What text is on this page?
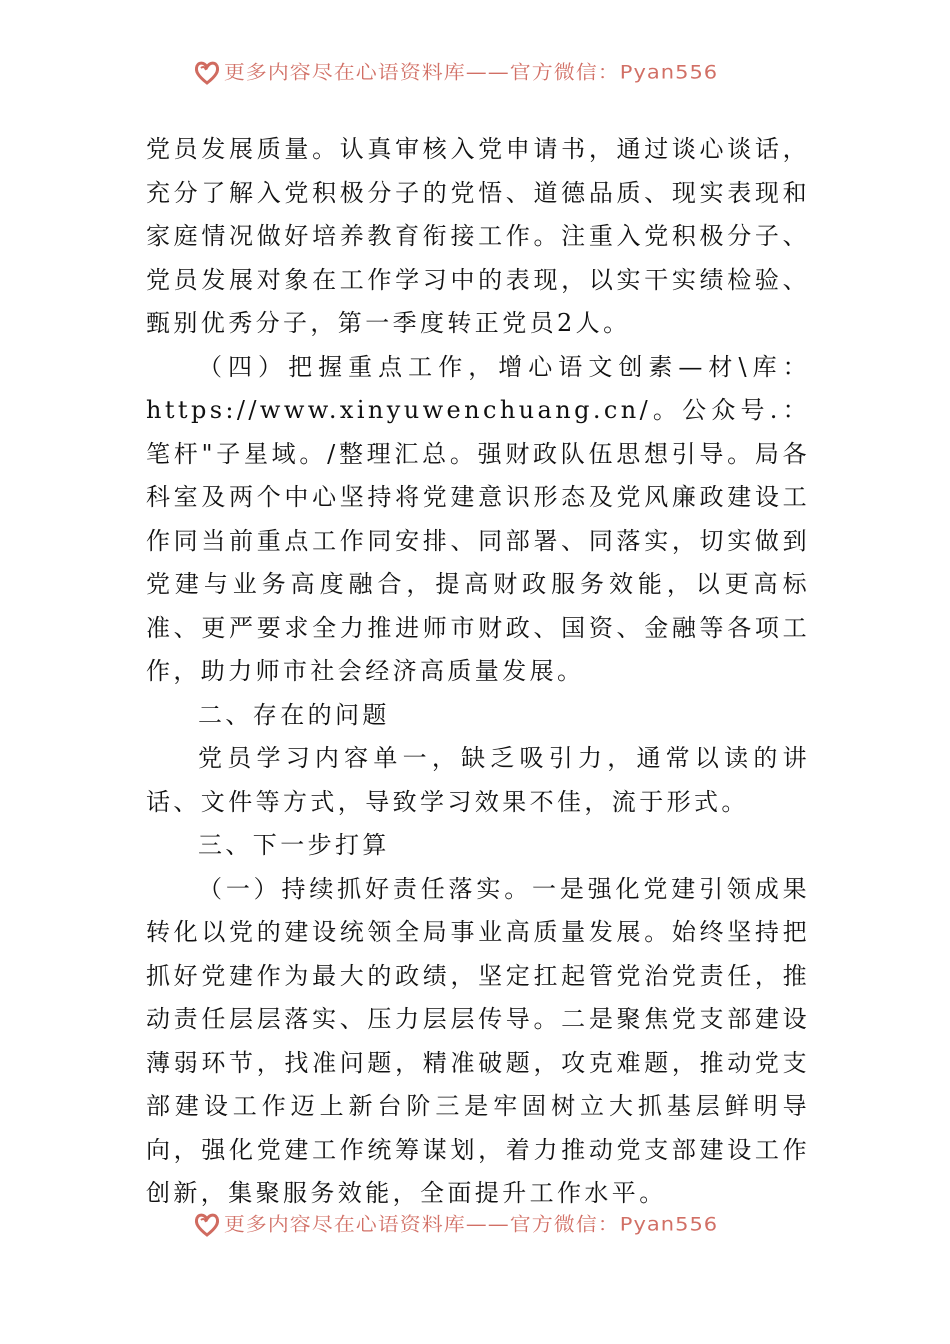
更多内容尽在心语资料库——官方微信：Pyan556

党员发展质量。认真审核入党申请书，通过谈心谈话，充分了解入党积极分子的党悟、道德品质、现实表现和家庭情况做好培养教育衔接工作。注重入党积极分子、党员发展对象在工作学习中的表现，以实干实绩检验、甄别优秀分子，第一季度转正党员2人。

（四）把握重点工作，增心语文创素—材\库：https://www.xinyuwenchuang.cn/。公众号.：笔杆"子星域。/整理汇总。强财政队伍思想引导。局各科室及两个中心坚持将党建意识形态及党风廉政建设工作同当前重点工作同安排、同部署、同落实，切实做到党建与业务高度融合，提高财政服务效能，以更高标准、更严要求全力推进师市财政、国资、金融等各项工作，助力师市社会经济高质量发展。

二、存在的问题

党员学习内容单一，缺乏吸引力，通常以读的讲话、文件等方式，导致学习效果不佳，流于形式。

三、下一步打算

（一）持续抓好责任落实。一是强化党建引领成果转化以党的建设统领全局事业高质量发展。始终坚持把抓好党建作为最大的政绩，坚定扛起管党治党责任，推动责任层层落实、压力层层传导。二是聚焦党支部建设薄弱环节，找准问题，精准破题，攻克难题，推动党支部建设工作迈上新台阶三是牢固树立大抓基层鲜明导向，强化党建工作统筹谋划，着力推动党支部建设工作创新，集聚服务效能，全面提升工作水平。

更多内容尽在心语资料库——官方微信：Pyan556
